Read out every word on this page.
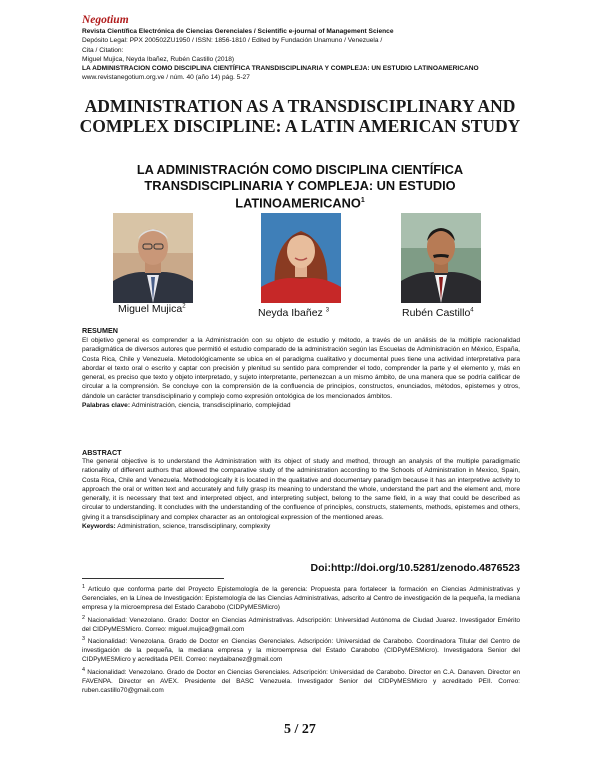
Negotium
Revista Científica Electrónica de Ciencias Gerenciales / Scientific e-journal of Management Science
Depósito Legal: PPX 200502ZU1950 / ISSN: 1856-1810 / Edited by Fundación Unamuno / Venezuela /
Cita / Citation:
Miguel Mujica, Neyda Ibañez, Rubén Castillo (2018)
LA ADMINISTRACION COMO DISCIPLINA CIENTÍFICA TRANSDISCIPLINARIA Y COMPLEJA: UN ESTUDIO LATINOAMERICANO
www.revistanegotium.org.ve / núm. 40 (año 14) pág. 5-27
ADMINISTRATION AS A TRANSDISCIPLINARY AND COMPLEX DISCIPLINE: A LATIN AMERICAN STUDY
LA ADMINISTRACIÓN COMO DISCIPLINA CIENTÍFICA TRANSDISCIPLINARIA Y COMPLEJA: UN ESTUDIO LATINOAMERICANO$^1$
Miguel Mujica$^2$
Neyda Ibañez $^3$	Rubén Castillo$^4$
RESUMEN
El objetivo general es comprender a la Administración con su objeto de estudio y método, a través de un análisis de la múltiple racionalidad paradigmática de diversos autores que permitió el estudio comparado de la administración según las Escuelas de Administración en México, España, Costa Rica, Chile y Venezuela. Metodológicamente se ubica en el paradigma cualitativo y documental pues tiene una actividad interpretativa para abordar el texto oral o escrito y captar con precisión y plenitud su sentido para comprender el todo, comprender la parte y el elemento y, más en general, es preciso que texto y objeto interpretado, y sujeto interpretante, pertenezcan a un mismo ámbito, de una manera que se podría calificar de circular a la comprensión. Se concluye con la comprensión de la confluencia de principios, constructos, enunciados, métodos, epistemes y otros, dándole un carácter transdisciplinario y complejo como expresión ontológica de los mencionados ámbitos.
Palabras clave: Administración, ciencia, transdisciplinario, complejidad
ABSTRACT
The general objective is to understand the Administration with its object of study and method, through an analysis of the multiple paradigmatic rationality of different authors that allowed the comparative study of the administration according to the Schools of Administration in Mexico, Spain, Costa Rica, Chile and Venezuela. Methodologically it is located in the qualitative and documentary paradigm because it has an interpretive activity to approach the oral or written text and accurately and fully grasp its meaning to understand the whole, understand the part and the element and, more generally, it is necessary that text and interpreted object, and interpreting subject, belong to the same field, in a way that could be described as circular to understanding. It concludes with the understanding of the confluence of principles, constructs, statements, methods, epistemes and others, giving it a transdisciplinary and complex character as an ontological expression of the mentioned areas.
Keywords: Administration, science, transdisciplinary, complexity
Doi:http://doi.org/10.5281/zenodo.4876523

$^1$ Artículo que conforma parte del Proyecto Epistemología de la gerencia: Propuesta para fortalecer la formación en Ciencias Administrativas y Gerenciales, en la Línea de Investigación: Epistemología de las Ciencias Administrativas, adscrito al Centro de investigación de la pequeña, la mediana empresa y la microempresa del Estado Carabobo (CIDPyMESMicro)

$^2$ Nacionalidad: Venezolano. Grado: Doctor en Ciencias Administrativas. Adscripción: Universidad Autónoma de Ciudad Juarez. Investigador Emérito del CIDPyMESMicro. Correo: miguel.mujica@gmail.com

$^3$ Nacionalidad: Venezolana. Grado de Doctor en Ciencias Gerenciales. Adscripción: Universidad de Carabobo. Coordinadora Titular del Centro de investigación de la pequeña, la mediana empresa y la microempresa del Estado Carabobo (CIDPyMESMicro). Investigadora Senior del CIDPyMESMicro y acreditada PEII. Correo: neydaibanez@gmail.com

$^4$ Nacionalidad: Venezolano. Grado de Doctor en Ciencias Gerenciales. Adscripción: Universidad de Carabobo. Director en C.A. Danaven. Director en FAVENPA. Director en AVEX. Presidente del BASC Venezuela. Investigador Senior del CIDPyMESMicro y acreditado PEII. Correo: ruben.castillo70@gmail.com

5 / 27
